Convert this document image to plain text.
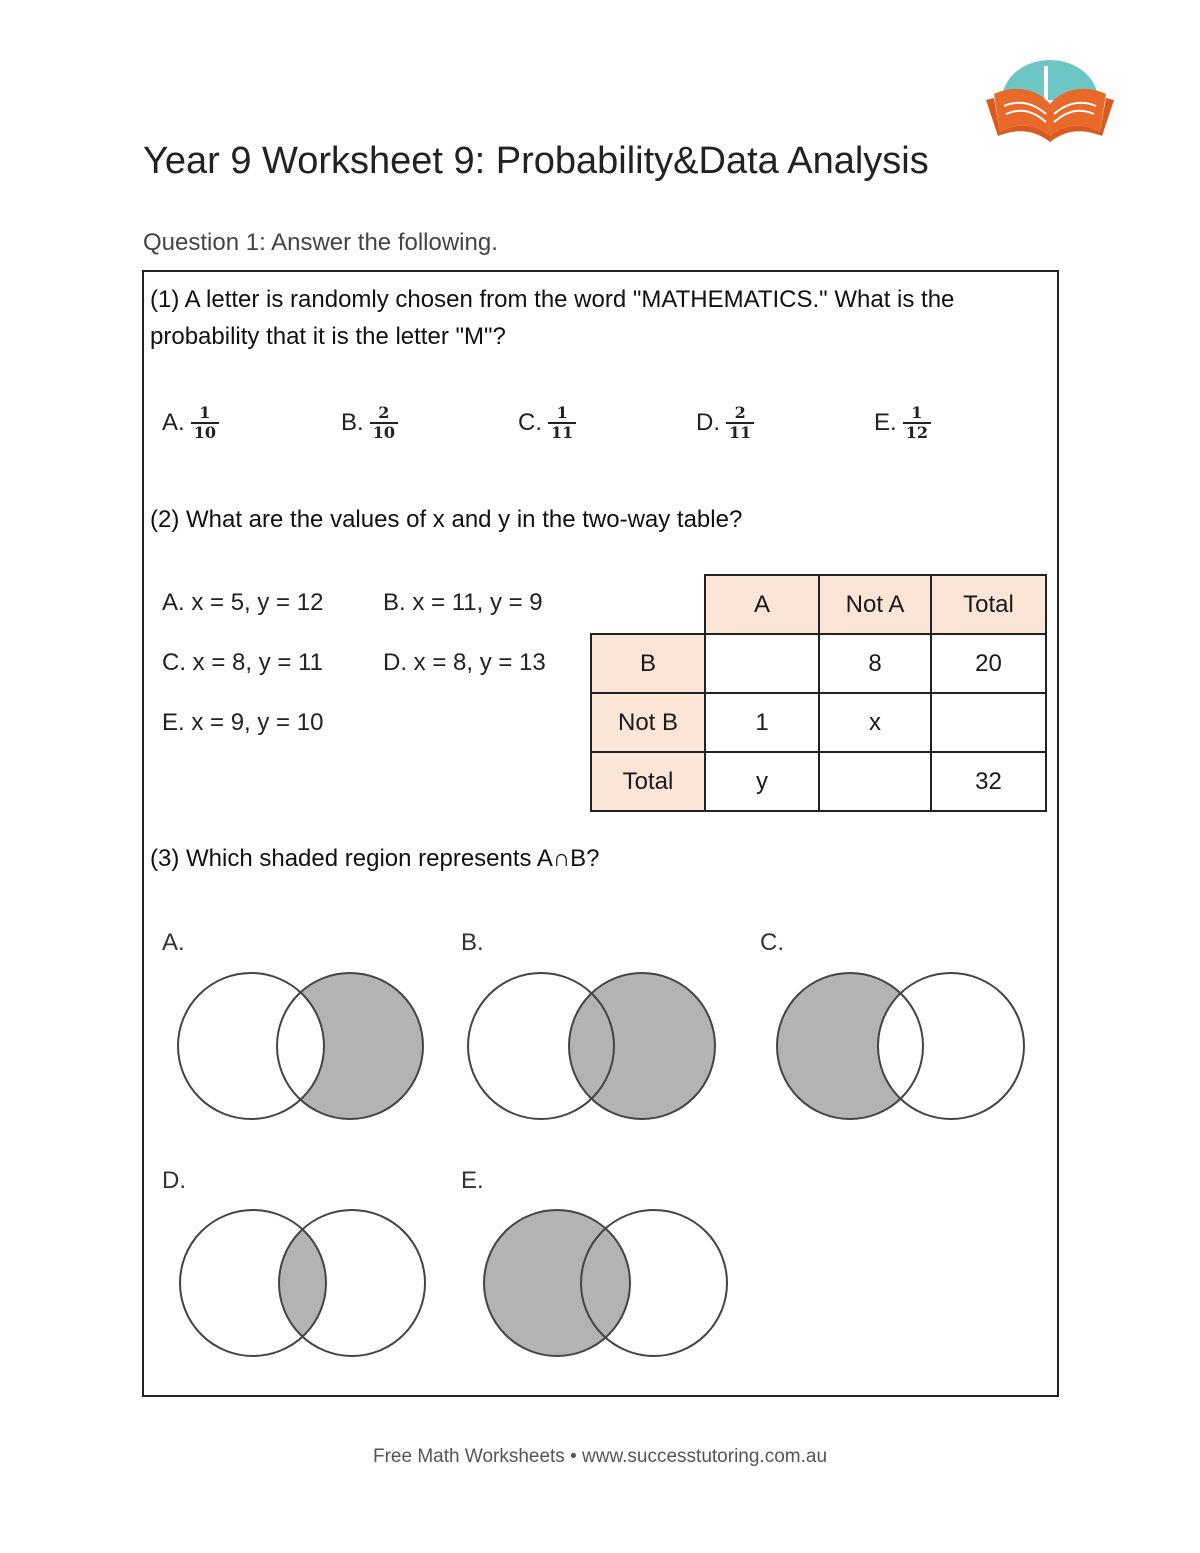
Year 9 Worksheet 9: Probability&Data Analysis
Question 1: Answer the following.
(1) A letter is randomly chosen from the word "MATHEMATICS." What is the probability that it is the letter "M"?
A. $\frac{1}{10}$	B. $\frac{2}{10}$	C. $\frac{1}{11}$	D. $\frac{2}{11}$	E. $\frac{1}{12}$
(2) What are the values of x and y in the two-way table?
A. x = 5, y = 12 B. x = 11, y = 9
C. x = 8, y = 11	D. x = 8, y = 13
E. x = 9, y = 10
	A	Not A	Total
B		8	20
Not B	1	x	
Total	y		32
(3) Which shaded region represents A∩B?
A.	B.	C.
D.	E.
Free Math Worksheets • www.successtutoring.com.au
